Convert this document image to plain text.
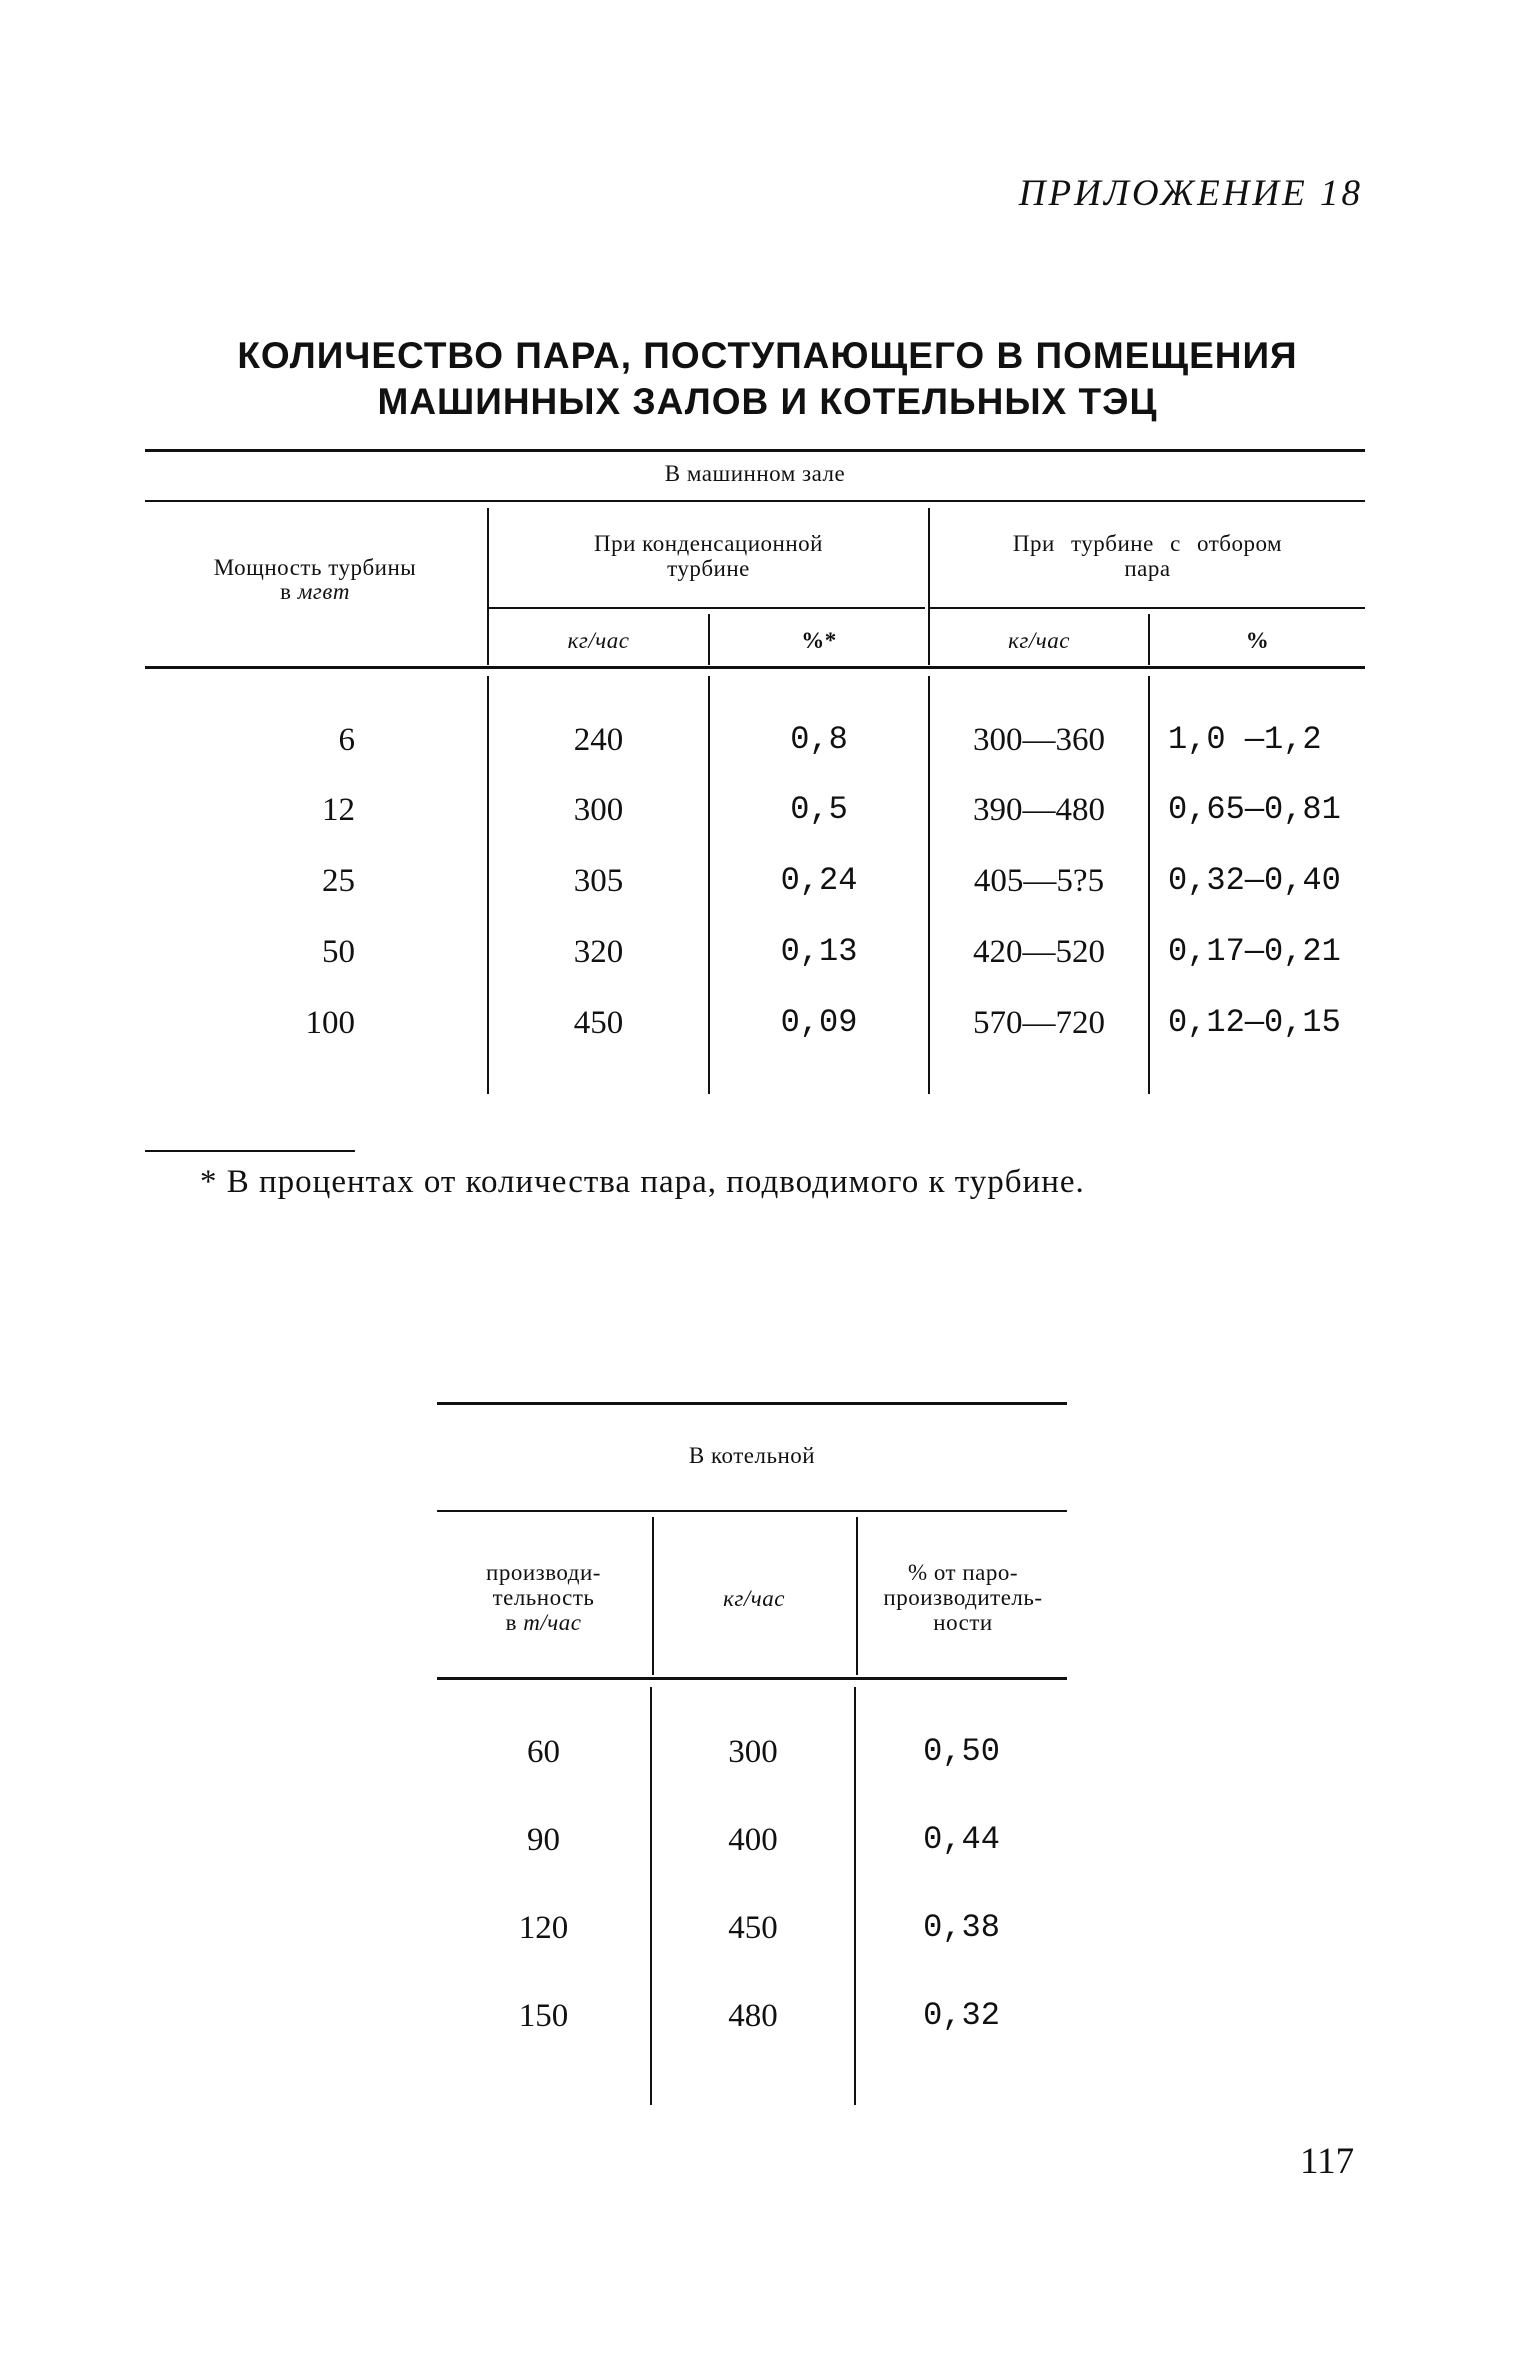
ПРИЛОЖЕНИЕ 18
КОЛИЧЕСТВО ПАРА, ПОСТУПАЮЩЕГО В ПОМЕЩЕНИЯ
МАШИННЫХ ЗАЛОВ И КОТЕЛЬНЫХ ТЭЦ
В машинном зале
Мощность турбины
в мгвт
При конденсационной
турбине
При турбине с отбором
пара
кг/час	%*	кг/час	%
6	240	0,8	300—360	1,0 —1,2
12	300	0,5	390—480	0,65—0,81
25	305	0,24	405—5?5	0,32—0,40
50	320	0,13	420—520	0,17—0,21
100	450	0,09	570—720	0,12—0,15
* В процентах от количества пара, подводимого к турбине.
В котельной
производи-
тельность
в т/час
кг/час
% от паро-
производитель-
ности
60	300	0,50
90	400	0,44
120	450	0,38
150	480	0,32
117
